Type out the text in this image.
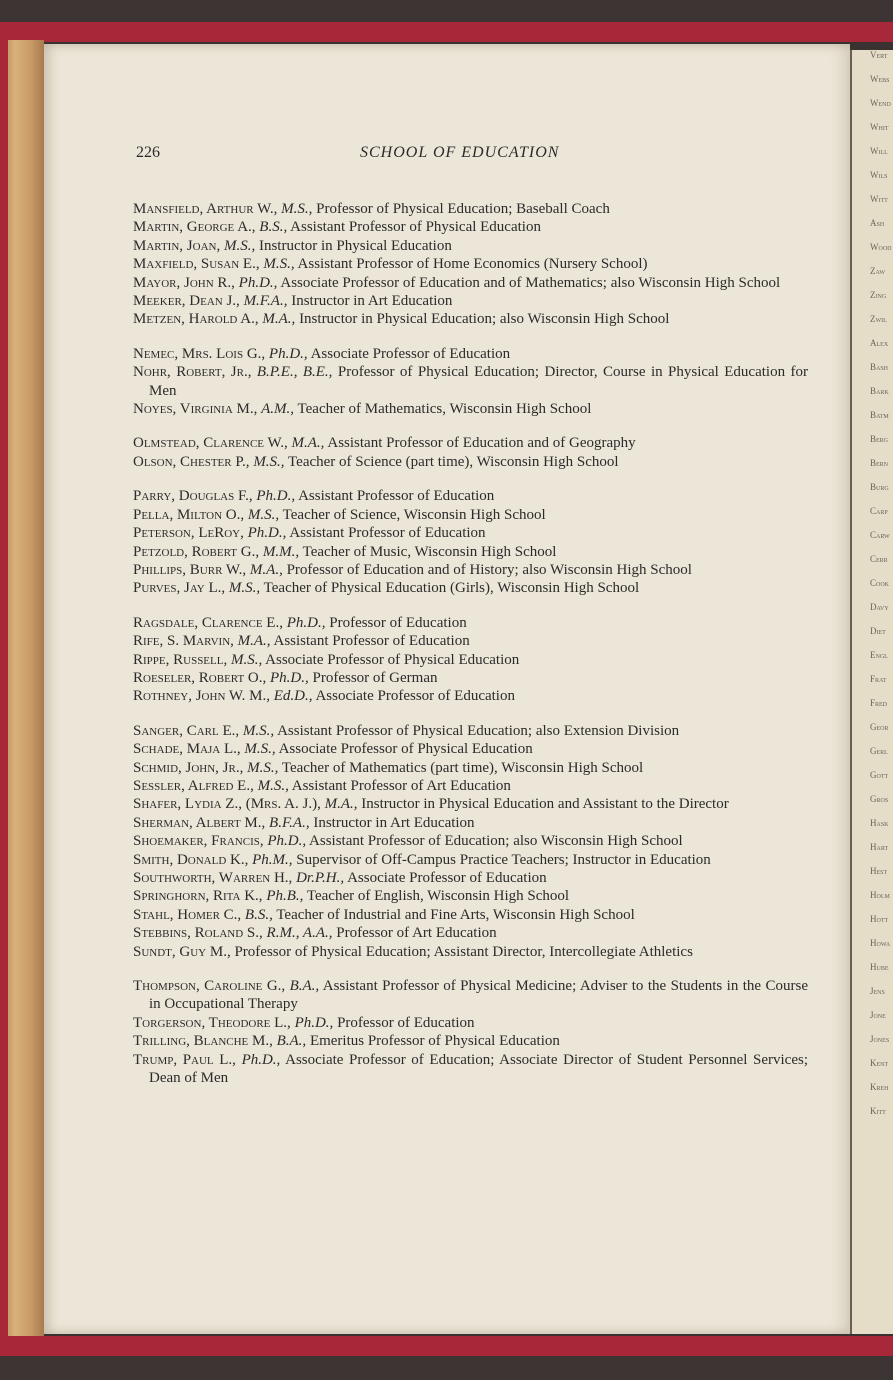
Vert
Webs
Wend
Whit
Will
Wils
Witt
Ash
Wood
Zaw
Zing
Zwil
Alex
Bash
Bark
Batm
Berg
Bern
Burg
Carp
Carw
Cerr
Cook
Davy
Diet
Engl
Frat
Fred
Geor
Gerl
Gott
Gros
Hask
Hart
Hest
Holm
Hott
Howa
Hube
Jens
Jone
Jones
Kent
Kreh
Kitt
226	SCHOOL OF EDUCATION
Mansfield, Arthur W., M.S., Professor of Physical Education; Baseball Coach
Martin, George A., B.S., Assistant Professor of Physical Education
Martin, Joan, M.S., Instructor in Physical Education
Maxfield, Susan E., M.S., Assistant Professor of Home Economics (Nursery School)
Mayor, John R., Ph.D., Associate Professor of Education and of Mathematics; also Wisconsin High School
Meeker, Dean J., M.F.A., Instructor in Art Education
Metzen, Harold A., M.A., Instructor in Physical Education; also Wisconsin High School
Nemec, Mrs. Lois G., Ph.D., Associate Professor of Education
Nohr, Robert, Jr., B.P.E., B.E., Professor of Physical Education; Director, Course in Physical Education for Men
Noyes, Virginia M., A.M., Teacher of Mathematics, Wisconsin High School
Olmstead, Clarence W., M.A., Assistant Professor of Education and of Geography
Olson, Chester P., M.S., Teacher of Science (part time), Wisconsin High School
Parry, Douglas F., Ph.D., Assistant Professor of Education
Pella, Milton O., M.S., Teacher of Science, Wisconsin High School
Peterson, LeRoy, Ph.D., Assistant Professor of Education
Petzold, Robert G., M.M., Teacher of Music, Wisconsin High School
Phillips, Burr W., M.A., Professor of Education and of History; also Wisconsin High School
Purves, Jay L., M.S., Teacher of Physical Education (Girls), Wisconsin High School
Ragsdale, Clarence E., Ph.D., Professor of Education
Rife, S. Marvin, M.A., Assistant Professor of Education
Rippe, Russell, M.S., Associate Professor of Physical Education
Roeseler, Robert O., Ph.D., Professor of German
Rothney, John W. M., Ed.D., Associate Professor of Education
Sanger, Carl E., M.S., Assistant Professor of Physical Education; also Extension Division
Schade, Maja L., M.S., Associate Professor of Physical Education
Schmid, John, Jr., M.S., Teacher of Mathematics (part time), Wisconsin High School
Sessler, Alfred E., M.S., Assistant Professor of Art Education
Shafer, Lydia Z., (Mrs. A. J.), M.A., Instructor in Physical Education and Assistant to the Director
Sherman, Albert M., B.F.A., Instructor in Art Education
Shoemaker, Francis, Ph.D., Assistant Professor of Education; also Wisconsin High School
Smith, Donald K., Ph.M., Supervisor of Off-Campus Practice Teachers; Instructor in Education
Southworth, Warren H., Dr.P.H., Associate Professor of Education
Springhorn, Rita K., Ph.B., Teacher of English, Wisconsin High School
Stahl, Homer C., B.S., Teacher of Industrial and Fine Arts, Wisconsin High School
Stebbins, Roland S., R.M., A.A., Professor of Art Education
Sundt, Guy M., Professor of Physical Education; Assistant Director, Intercollegiate Athletics
Thompson, Caroline G., B.A., Assistant Professor of Physical Medicine; Adviser to the Students in the Course in Occupational Therapy
Torgerson, Theodore L., Ph.D., Professor of Education
Trilling, Blanche M., B.A., Emeritus Professor of Physical Education
Trump, Paul L., Ph.D., Associate Professor of Education; Associate Director of Student Personnel Services; Dean of Men
